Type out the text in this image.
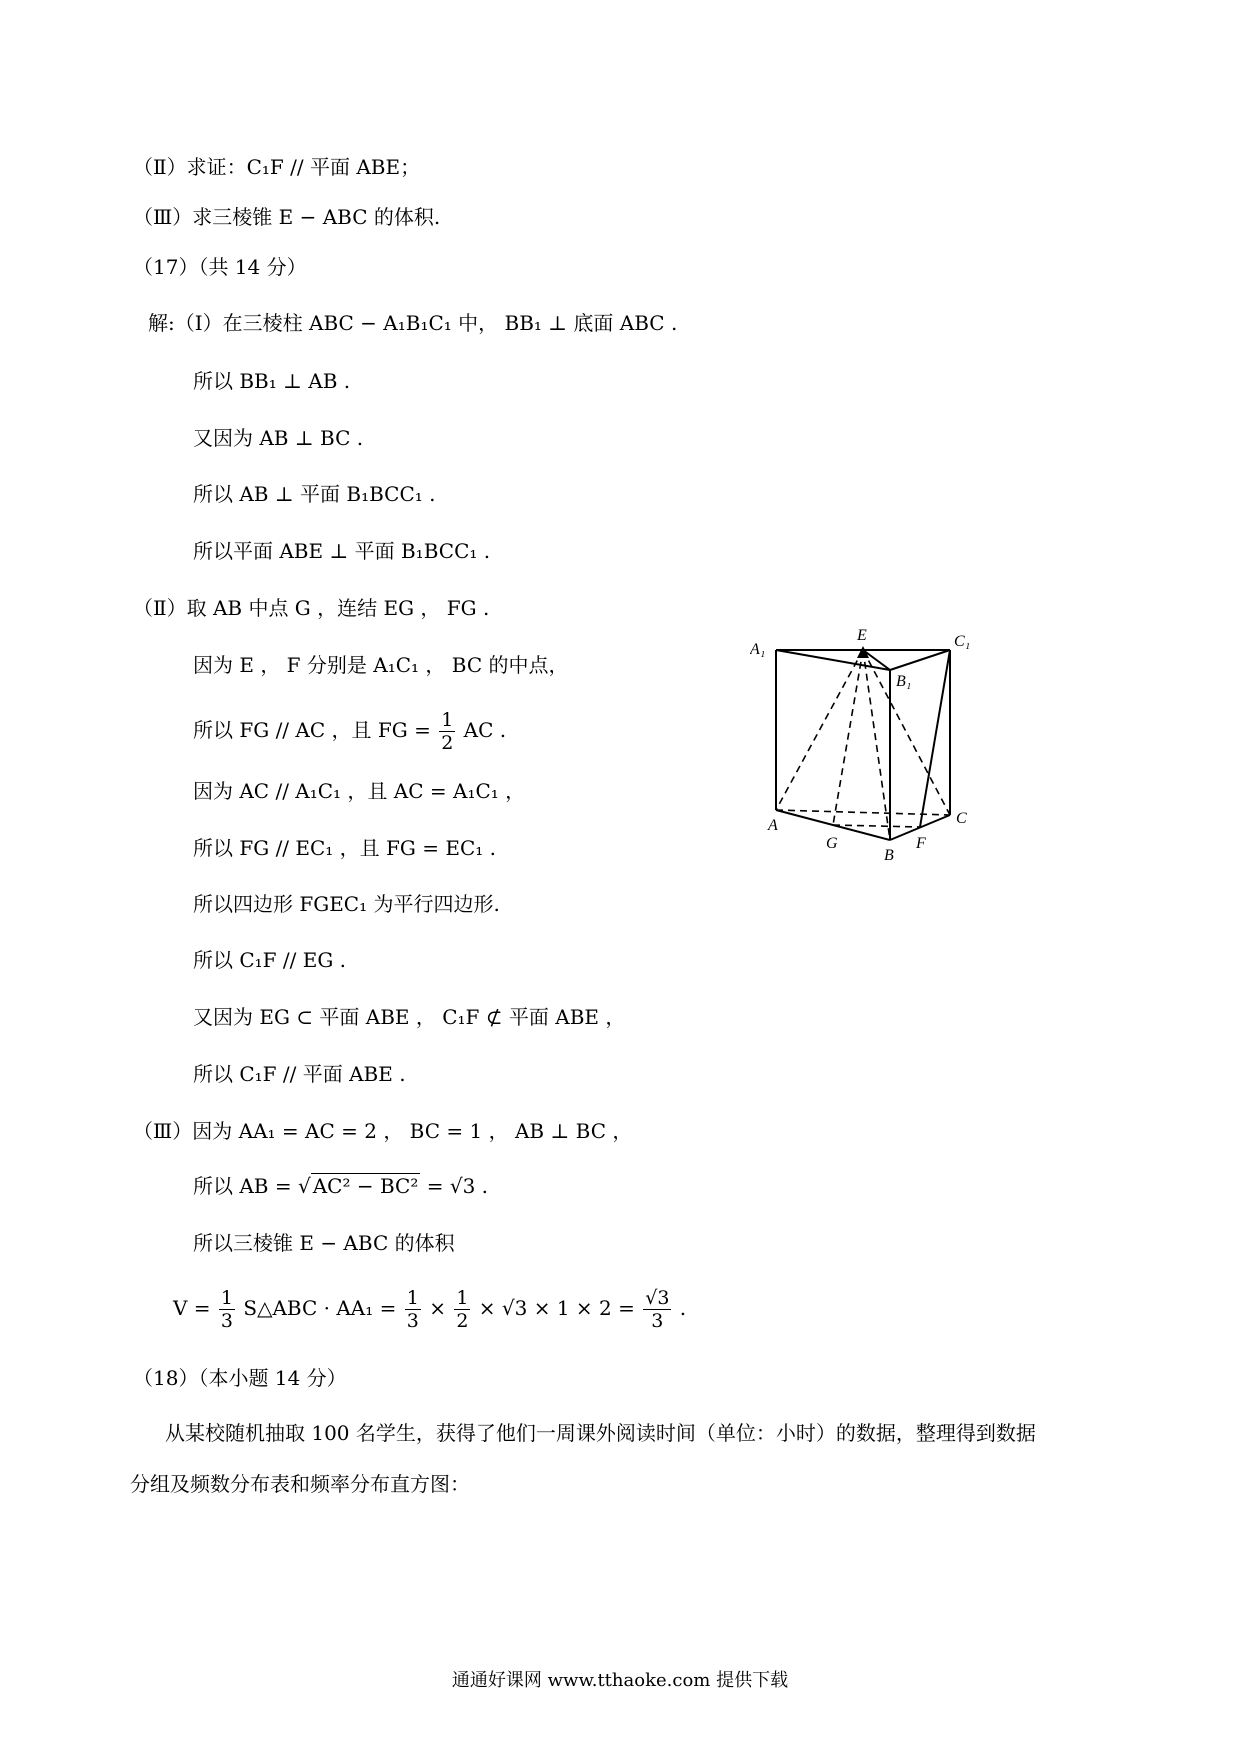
（Ⅱ）求证：C₁F // 平面 ABE；
（Ⅲ）求三棱锥 E − ABC 的体积.
（17）（共 14 分）
解:（Ⅰ）在三棱柱 ABC − A₁B₁C₁ 中， BB₁ ⊥ 底面 ABC .
所以 BB₁ ⊥ AB .
又因为 AB ⊥ BC .
所以 AB ⊥ 平面 B₁BCC₁ .
所以平面 ABE ⊥ 平面 B₁BCC₁ .
（Ⅱ）取 AB 中点 G ，连结 EG ， FG .
因为 E ， F 分别是 A₁C₁ ， BC 的中点，
所以 FG // AC ，且 FG = $\frac{1}{2}$ AC .
因为 AC // A₁C₁ ，且 AC = A₁C₁ ，
所以 FG // EC₁ ，且 FG = EC₁ .
所以四边形 FGEC₁ 为平行四边形.
所以 C₁F // EG .
又因为 EG ⊂ 平面 ABE ， C₁F ⊄ 平面 ABE ，
所以 C₁F // 平面 ABE .
（Ⅲ）因为 AA₁ = AC = 2 ， BC = 1 ， AB ⊥ BC ，
所以 AB = √ AC² − BC² = √3 .
所以三棱锥 E − ABC 的体积
$V = \frac{1}{3}$ S△ABC · $AA_1 = \frac{1}{3} \times \frac{1}{2} \times √3 \times 1 \times 2 = \frac{√3}{3}$ .
（18）（本小题 14 分）
从某校随机抽取 100 名学生，获得了他们一周课外阅读时间（单位：小时）的数据，整理得到数据
分组及频数分布表和频率分布直方图：
A₁
E	C₁
B₁
A
G
B
F
C
通通好课网 www.tthaoke.com 提供下载
